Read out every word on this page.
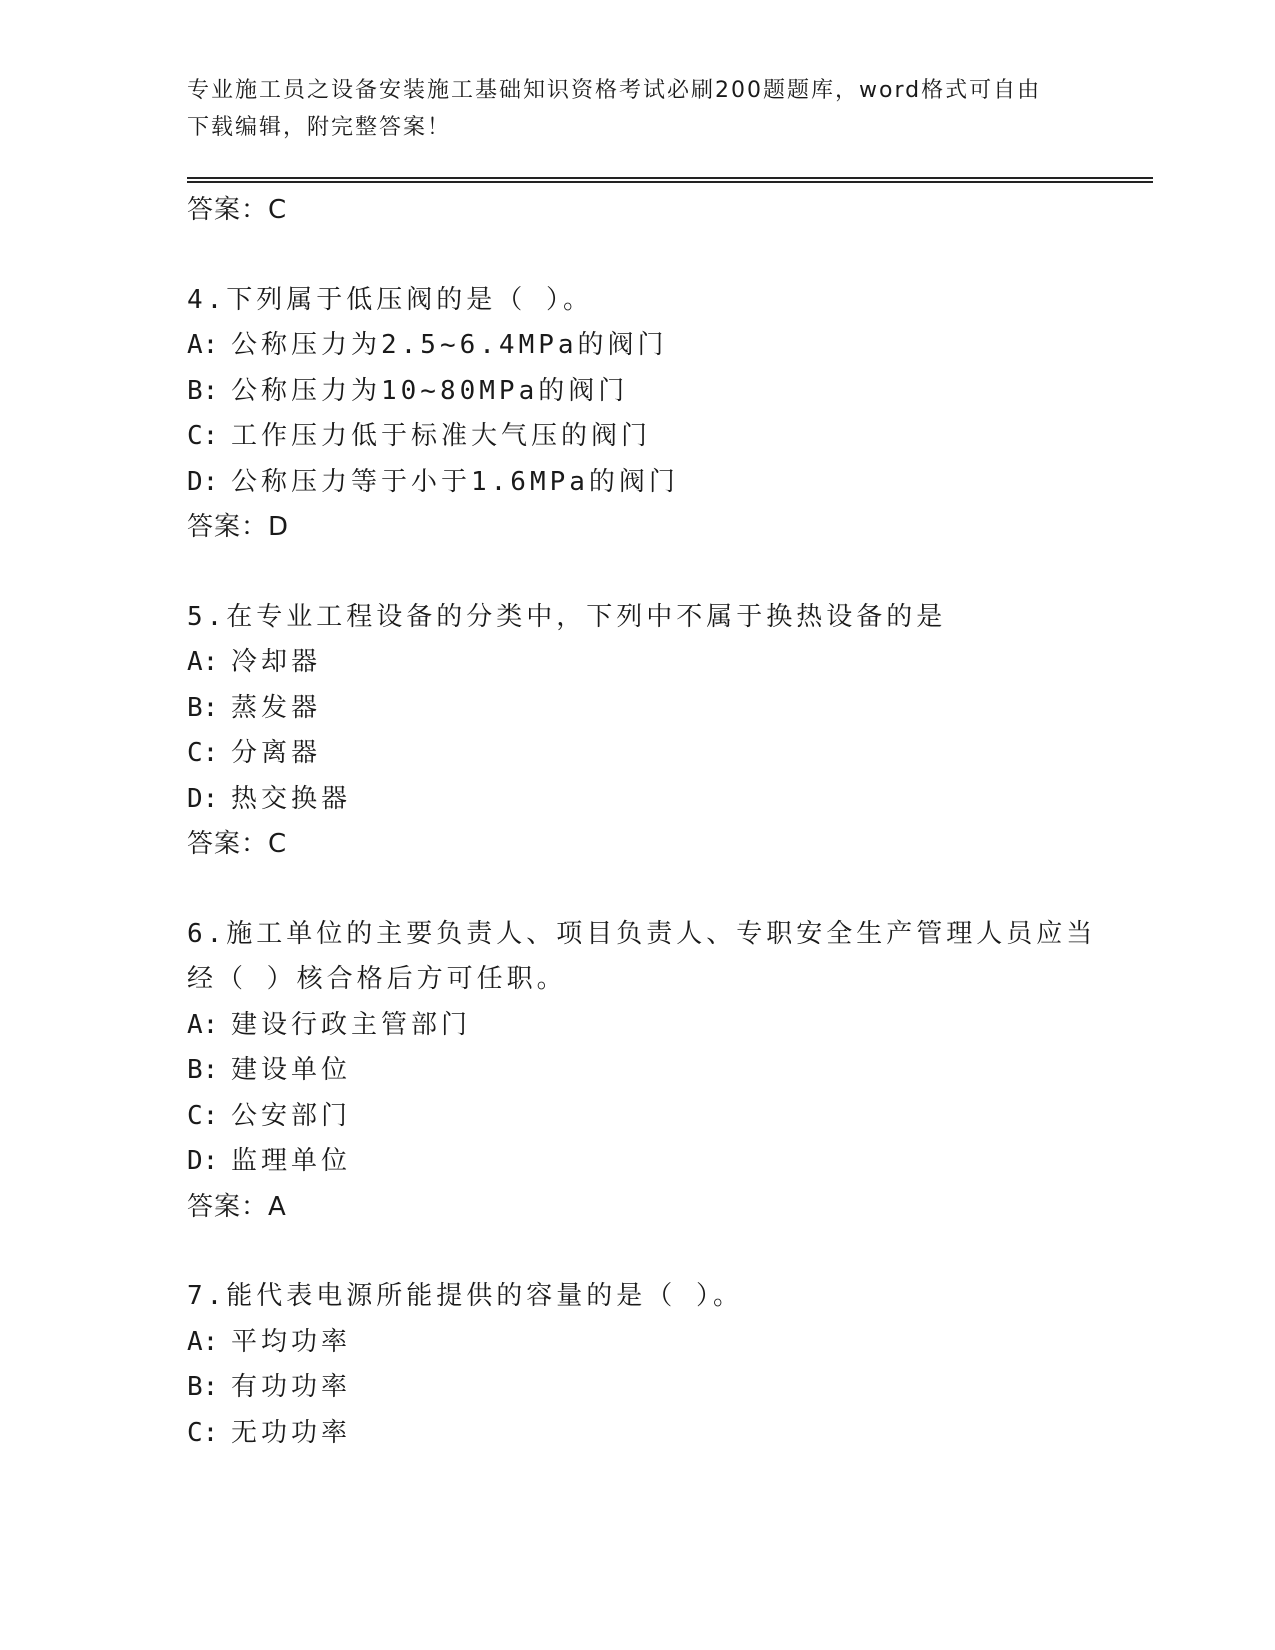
专业施工员之设备安装施工基础知识资格考试必刷200题题库，word格式可自由
下载编辑，附完整答案！
答案：C
4.下列属于低压阀的是（ ）。
A: 公称压力为2.5~6.4MPa的阀门
B: 公称压力为10~80MPa的阀门
C: 工作压力低于标准大气压的阀门
D: 公称压力等于小于1.6MPa的阀门
答案：D
5.在专业工程设备的分类中，下列中不属于换热设备的是
A: 冷却器
B: 蒸发器
C: 分离器
D: 热交换器
答案：C
6.施工单位的主要负责人、项目负责人、专职安全生产管理人员应当
经（ ）核合格后方可任职。
A: 建设行政主管部门
B: 建设单位
C: 公安部门
D: 监理单位
答案：A
7.能代表电源所能提供的容量的是（ ）。
A: 平均功率
B: 有功功率
C: 无功功率
